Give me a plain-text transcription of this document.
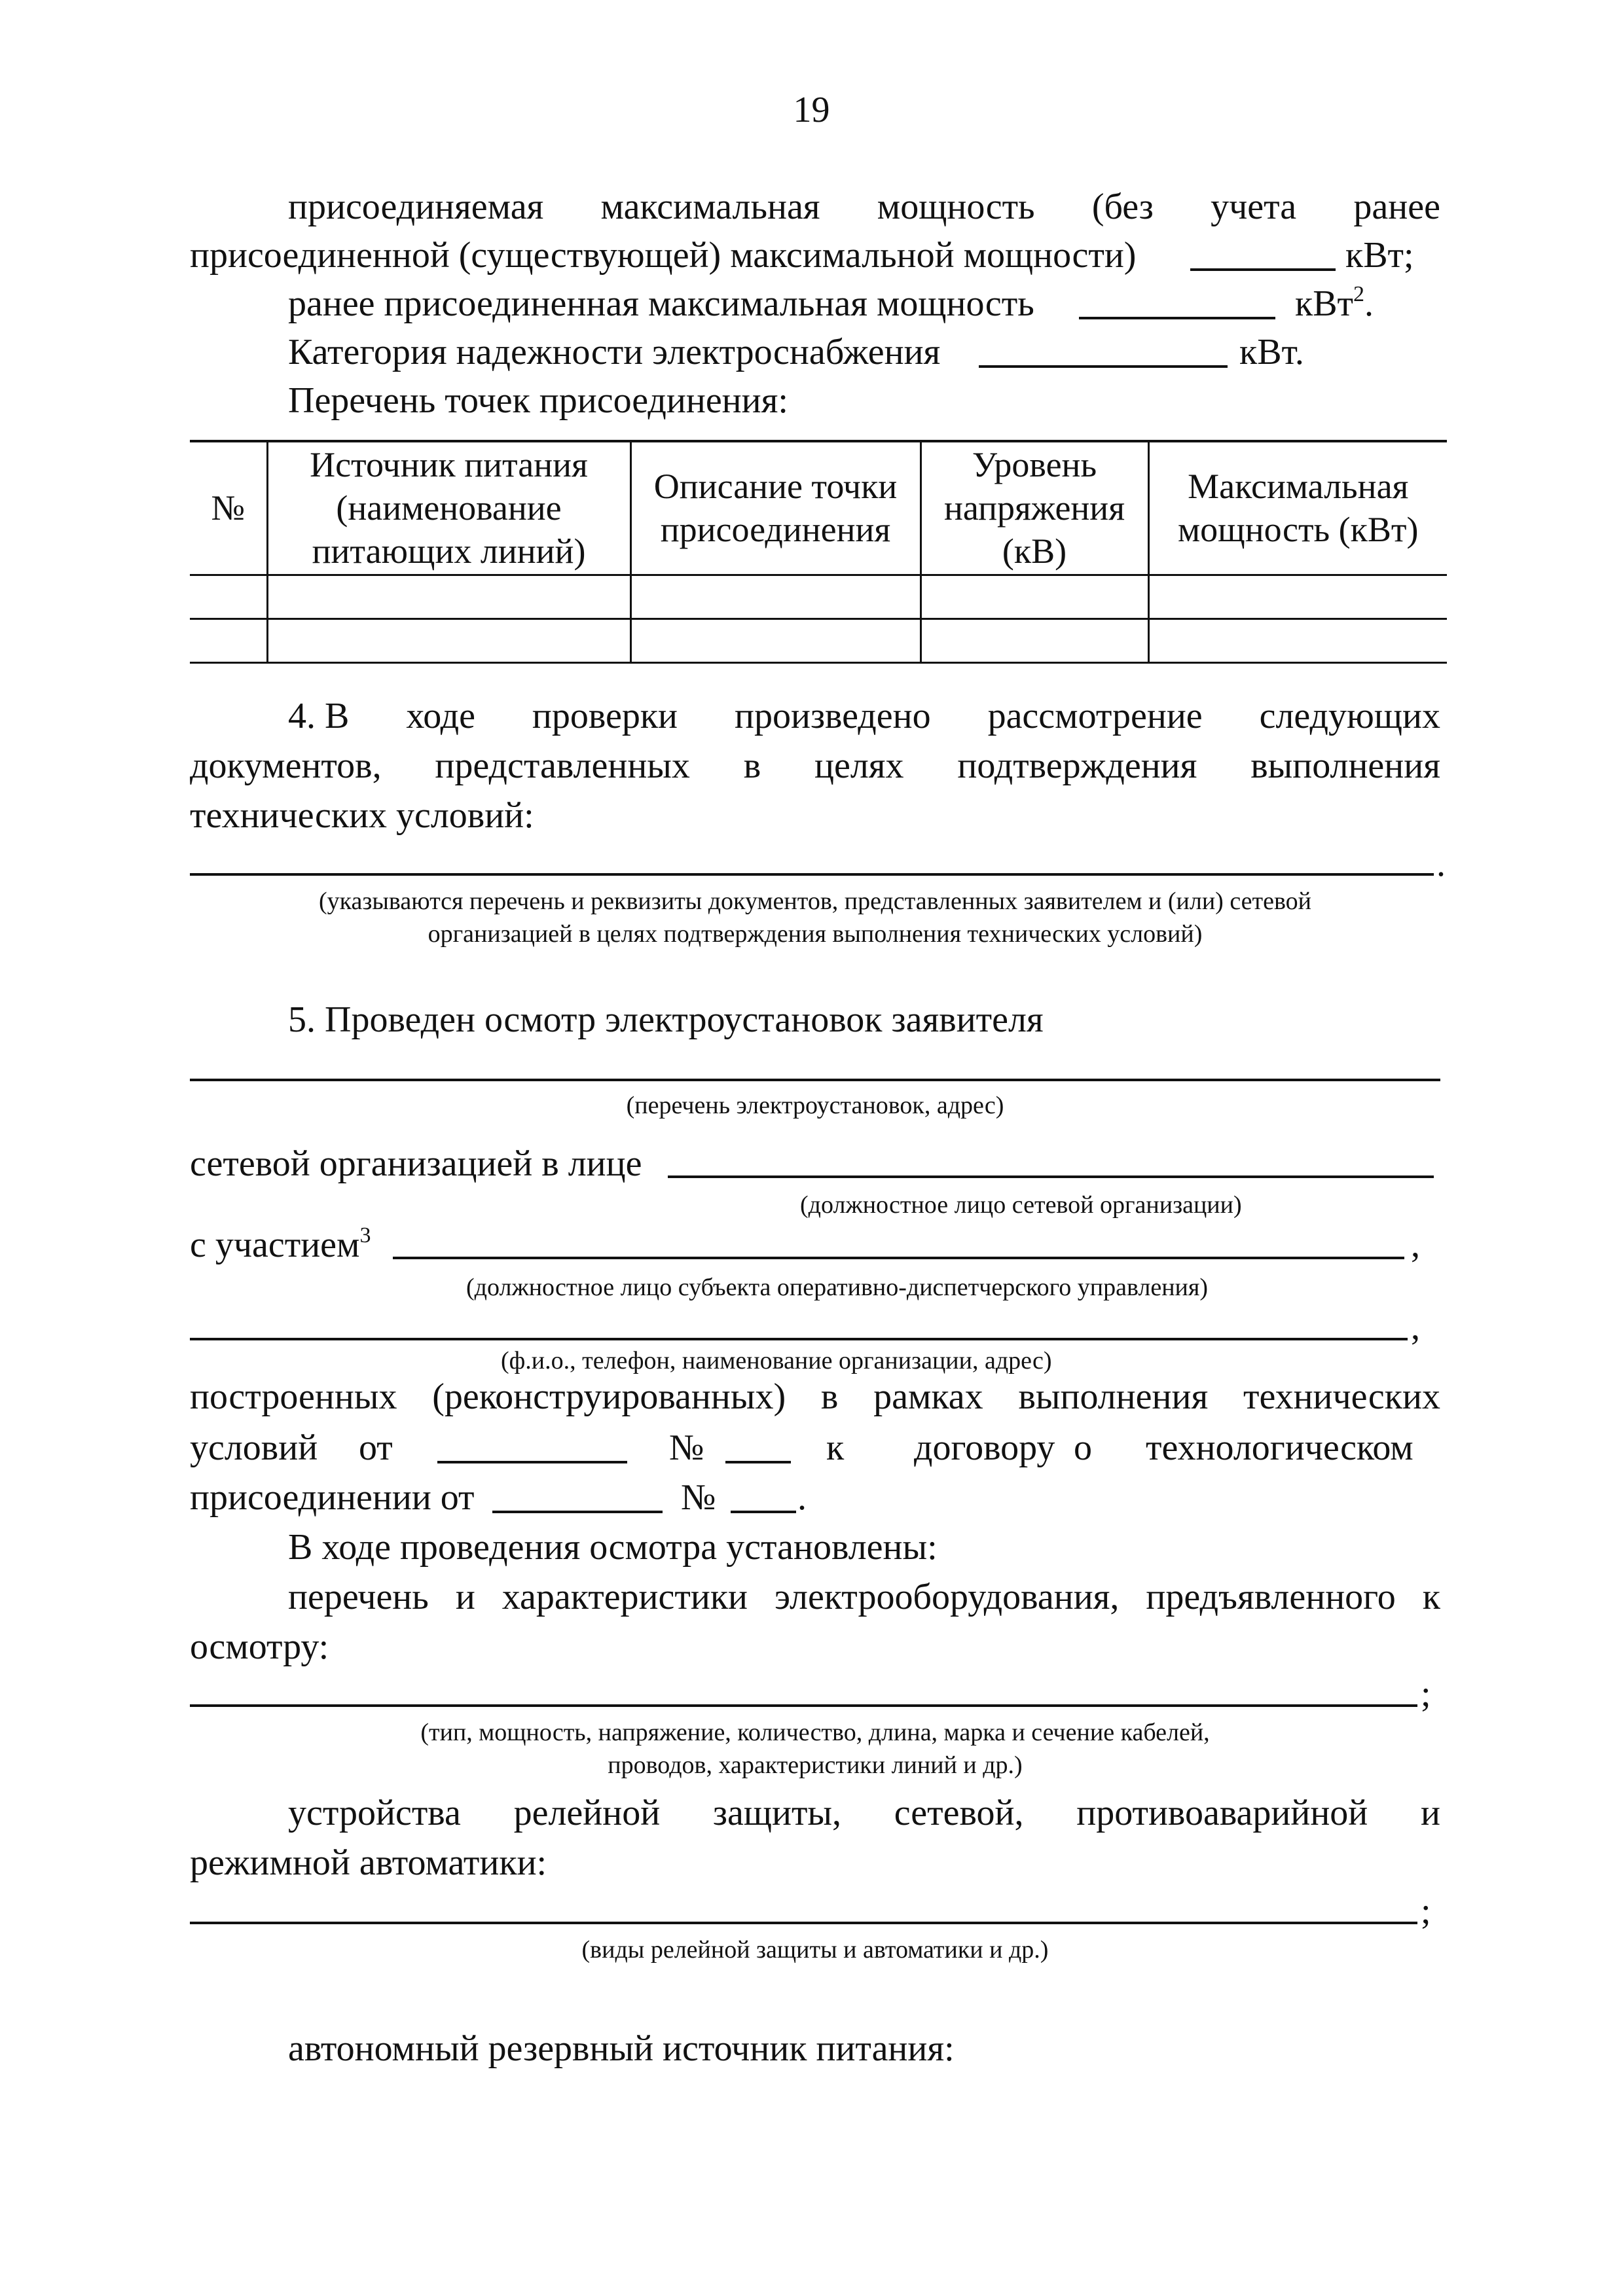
19
присоединяемая максимальная мощность (без учета ранее
присоединенной (существующей) максимальной мощности)	кВт;
ранее присоединенная максимальная мощность	кВт$^2$.
Категория надежности электроснабжения	кВт.
Перечень точек присоединения:
№	Источник питания (наименование питающих линий)	Описание точки присоединения	Уровень напряжения (кВ)	Максимальная мощность (кВт)

4. В ходе проверки произведено рассмотрение следующих
документов, представленных в целях подтверждения выполнения
технических условий:
.
(указываются перечень и реквизиты документов, представленных заявителем и (или) сетевой
организацией в целях подтверждения выполнения технических условий)
5. Проведен осмотр электроустановок заявителя
(перечень электроустановок, адрес)
сетевой организацией в лице
(должностное лицо сетевой организации)
с участием$^3$	,
(должностное лицо субъекта оперативно-диспетчерского управления)
,
(ф.и.о., телефон, наименование организации, адрес)
построенных (реконструированных) в рамках выполнения технических
условий от	№	к договору о технологическом
присоединении от	№ .
В ходе проведения осмотра установлены:
перечень и характеристики электрооборудования, предъявленного к
осмотру:
;
(тип, мощность, напряжение, количество, длина, марка и сечение кабелей,
проводов, характеристики линий и др.)
устройства релейной защиты, сетевой, противоаварийной и
режимной автоматики:
;
(виды релейной защиты и автоматики и др.)
автономный резервный источник питания:
